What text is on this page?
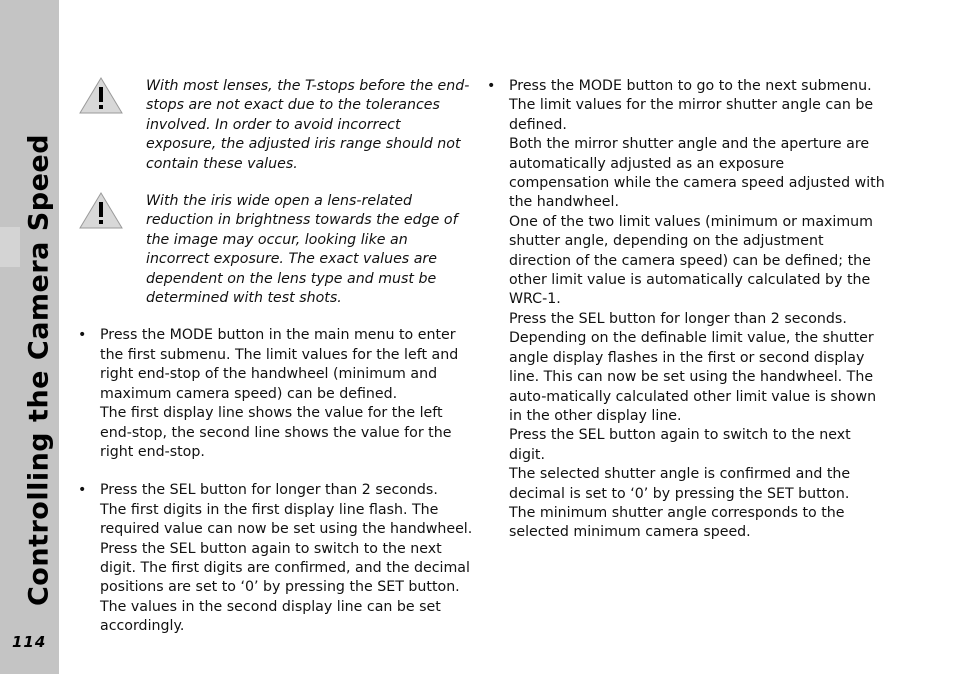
Controlling the Camera Speed
114
With most lenses, the T-stops before the end-stops are not exact due to the tolerances involved. In order to avoid incorrect exposure, the adjusted iris range should not contain these values.
With the iris wide open a lens-related reduction in brightness towards the edge of the image may occur, looking like an incorrect exposure. The exact values are dependent on the lens type and must be determined with test shots.
• Press the MODE button in the main menu to enter the first submenu. The limit values for the left and right end-stop of the handwheel (minimum and maximum camera speed) can be defined.

The first display line shows the value for the left end-stop, the second line shows the value for the right end-stop.

• Press the SEL button for longer than 2 seconds.

The first digits in the first display line flash. The required value can now be set using the handwheel. Press the SEL button again to switch to the next digit. The first digits are confirmed, and the decimal positions are set to ‘0’ by pressing the SET button.

The values in the second display line can be set accordingly.

• Press the MODE button to go to the next submenu.

The limit values for the mirror shutter angle can be defined.

Both the mirror shutter angle and the aperture are automatically adjusted as an exposure compensation while the camera speed adjusted with the handwheel.

One of the two limit values (minimum or maximum shutter angle, depending on the adjustment direction of the camera speed) can be defined; the other limit value is automatically calculated by the WRC-1.

Press the SEL button for longer than 2 seconds.

Depending on the definable limit value, the shutter angle display flashes in the first or second display line. This can now be set using the handwheel. The auto-matically calculated other limit value is shown in the other display line.

Press the SEL button again to switch to the next digit.

The selected shutter angle is confirmed and the decimal is set to ‘0’ by pressing the SET button.

The minimum shutter angle corresponds to the selected minimum camera speed.
